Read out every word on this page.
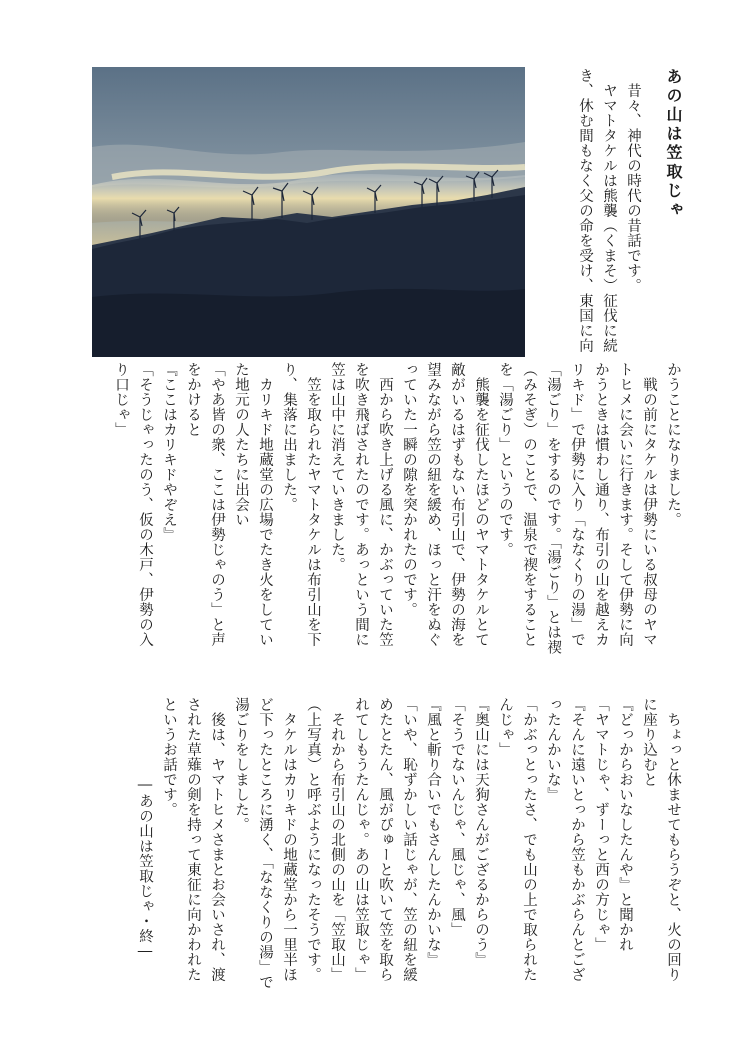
あの山は笠取じゃ

　昔々、神代の時代の昔話です。

　ヤマトタケルは熊襲（くまそ）征伐に続

き、休む間もなく父の命を受け、東国に向

かうことになりました。

　戦の前にタケルは伊勢にいる叔母のヤマ

トヒメに会いに行きます。そして伊勢に向

かうときは慣わし通り、布引の山を越えカ

リキド」で伊勢に入り「ななくりの湯」で

「湯ごり」をするのです。「湯ごり」とは禊

（みそぎ）のことで、温泉で禊をすること

を「湯ごり」というのです。

　熊襲を征伐したほどのヤマトタケルとて

敵がいるはずもない布引山で、伊勢の海を

望みながら笠の紐を緩め、ほっと汗をぬぐ

っていた一瞬の隙を突かれたのです。

　西から吹き上げる風に、かぶっていた笠

を吹き飛ばされたのです。あっという間に

笠は山中に消えていきました。

　笠を取られたヤマトタケルは布引山を下

り、集落に出ました。

　カリキド地蔵堂の広場でたき火をしてい

た地元の人たちに出会い

「やあ皆の衆、ここは伊勢じゃのう」と声

をかけると

『ここはカリキドやぞえ』

「そうじゃったのう、仮の木戸、伊勢の入

り口じゃ」

　ちょっと休ませてもらうぞと、火の回り

に座り込むと

『どっからおいなしたんや』と聞かれ

「ヤマトじゃ、ずーっと西の方じゃ」

『そんに遠いとっから笠もかぶらんとござ

ったんかいな』

「かぶっとったさ、でも山の上で取られた

んじゃ」

『奥山には天狗さんがござるからのう』

「そうでないんじゃ、風じゃ、風」

『風と斬り合いでもさんしたんかいな』

「いや、恥ずかしい話じゃが、笠の紐を緩

めたとたん、風がぴゅーと吹いて笠を取ら

れてしもうたんじゃ。あの山は笠取じゃ」

　それから布引山の北側の山を「笠取山」

（上写真）と呼ぶようになったそうです。

　タケルはカリキドの地蔵堂から一里半ほ

ど下ったところに湧く、「ななくりの湯」で

湯ごりをしました。

　後は、ヤマトヒメさまとお会いされ、渡

された草薙の剣を持って東征に向かわれた

というお話です。

―あの山は笠取じゃ・終―
